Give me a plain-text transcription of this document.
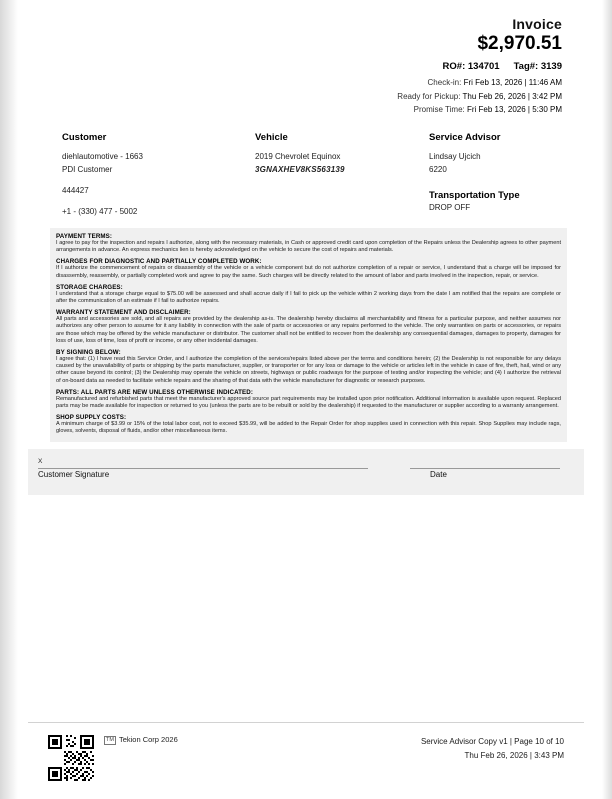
Invoice
$2,970.51
RO#: 134701 Tag#: 3139
Check-in: Fri Feb 13, 2026 | 11:46 AM
Ready for Pickup: Thu Feb 26, 2026 | 3:42 PM
Promise Time: Fri Feb 13, 2026 | 5:30 PM
Customer
diehlautomotive - 1663
PDI Customer
444427
+1 - (330) 477 - 5002
Vehicle
2019 Chevrolet Equinox
3GNAXHEV8KS563139
Service Advisor
Lindsay Ujcich
6220
Transportation Type
DROP OFF
PAYMENT TERMS:

I agree to pay for the inspection and repairs I authorize, along with the necessary materials, in Cash or approved credit card upon completion of the Repairs unless the Dealership agrees to other payment arrangements in advance. An express mechanics lien is hereby acknowledged on the vehicle to secure the cost of repairs and materials.

CHARGES FOR DIAGNOSTIC AND PARTIALLY COMPLETED WORK:

If I authorize the commencement of repairs or disassembly of the vehicle or a vehicle component but do not authorize completion of a repair or service, I understand that a charge will be imposed for disassembly, reassembly, or partially completed work and agree to pay the same. Such charges will be directly related to the amount of labor and parts involved in the inspection, repair, or service.

STORAGE CHARGES:

I understand that a storage charge equal to $75.00 will be assessed and shall accrue daily if I fail to pick up the vehicle within 2 working days from the date I am notified that the repairs are complete or after the communication of an estimate if I fail to authorize repairs.

WARRANTY STATEMENT AND DISCLAIMER:

All parts and accessories are sold, and all repairs are provided by the dealership as-is. The dealership hereby disclaims all merchantability and fitness for a particular purpose, and neither assumes nor authorizes any other person to assume for it any liability in connection with the sale of parts or accessories or any repairs performed to the vehicle. The only warranties on parts or accessories, or repairs are those which may be offered by the vehicle manufacturer or distributor. The customer shall not be entitled to recover from the dealership any consequential damages, damages to property, damages for loss of use, loss of time, loss of profit or income, or any other incidental damages.

BY SIGNING BELOW:

I agree that: (1) I have read this Service Order, and I authorize the completion of the services/repairs listed above per the terms and conditions herein; (2) the Dealership is not responsible for any delays caused by the unavailability of parts or shipping by the parts manufacturer, supplier, or transporter or for any loss or damage to the vehicle or articles left in the vehicle in case of fire, theft, hail, wind or any other cause beyond its control; (3) the Dealership may operate the vehicle on streets, highways or public roadways for the purpose of testing and/or inspecting the vehicle; and (4) I authorize the retrieval of on-board data as needed to facilitate vehicle repairs and the sharing of that data with the vehicle manufacturer for diagnostic or research purposes.

PARTS: ALL PARTS ARE NEW UNLESS OTHERWISE INDICATED:

Remanufactured and refurbished parts that meet the manufacturer's approved source part requirements may be installed upon prior notification. Additional information is available upon request. Replaced parts may be made available for inspection or returned to you (unless the parts are to be rebuilt or sold by the dealership) if requested to the manufacturer or supplier according to a warranty arrangement.

SHOP SUPPLY COSTS:

A minimum charge of $3.99 or 15% of the total labor cost, not to exceed $35.99, will be added to the Repair Order for shop supplies used in connection with this repair. Shop Supplies may include rags, gloves, solvents, disposal of fluids, and/or other miscellaneous items.

X
Customer Signature	Date
TM Tekion Corp 2026	Service Advisor Copy v1 | Page 10 of 10
Thu Feb 26, 2026 | 3:43 PM
